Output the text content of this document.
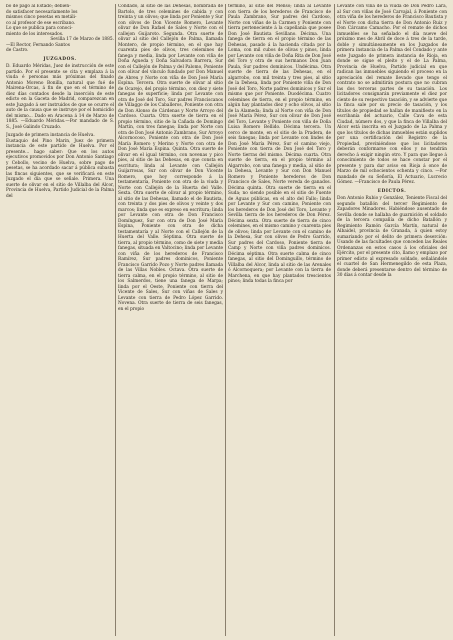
bo de pago al Estado; debien-

do satisfacer necesariamente los

mismos cinco pesetas en metáli-

co al profesor de ese escribano.

Lo que se publica para conoci-

miento de los interesados.

Sevilla 17 de Marzo de 1885.

—El Rector, Fernando Santos

de Castro.

JUZGADOS.

D. Eduardo Méridas, Juez de instrucción de este partido. Por el presente se cita y emplaza á la viuda é personas más próximas del finado Antonio Moreno Bonilla, natural que fué de Mairena-Orcas, á fin de que en el término de diez días contados desde la inserción de este edicto en la Gaceta de Madrid, comparezcan en este Juzgado á ser instruidos de que se ocurre el auto de la causa que se instruye por el homicidio del mismo... Dado en Aracena á 14 de Marzo de 1885. —Eduardo Méridas.—Por mandado de S. S., José Galindo Cruzado.

Juzgado de primera instancia de Huelva.

Eustaquio del Pino Marin, Juez de primera instancia de este partido de Huelva. Por el presente... hago saber: Que en los autos ejecutivos promovidos por Don Antonio Santiago y Cebollo, vecino de Huelva, sobre pago de pesetas, se ha acordado sacar á pública subasta las fincas siguientes, que se verificará en este Juzgado el día que se señale. Primera. Una suerte de olivar en el sitio de Villalba del Alcor, Provincia de Huelva, Partido Judicial de la Palma del

Condado, al sitio de las Dehesas, nombrada de Bartolo, de tres celemines de cabida y con treinta y un olivos; que linda por Poniente y Sur con olivos de Don Vicente Romero, Levante olivar de Don Rafael de Sales y Norte con el callejon Guijaroto. Segunda. Otra suerte de olivar al sitio del Callejón de Palma, llamada Montero, de propio término, en el que hay cuarenta pies de olivos, tres celemines de fanega y media, linda por Levante con viña de Doña Agueda y Doña Salvadora Barrera, Sur con el Callejón de Palma y del Palomo, Poniente con olivar del vínculo fundado por Don Manuel de Abreu y Norte con viña de Don José María Espina. Tercera. Otra suerte de olivar al sitio de Ocarejo, del propio término, con diez y siete fanegas de superficie; linda por Levante con otra de José del Toro, Sur padres Franciscanos de Villaggo de los Caballeros, Poniente con otra de Don Alonso de Cárdenas y Norte Arroyo del Cardoso. Cuarta. Otra suerte de tierra en el propio término, sitio de la Cañada de Domingo Martín, con tres fanegas; linda por Norte con otra de Don José Antonio Zambrano, Sur Arroyo Alcornocoso, Poniente con otra de Don José María Romero y Merino y Norte con otra de Don José María Espina. Quinta. Otra suerte de olivar en el igual término, con novenas y pico pies, al sitio de las Dehesas, en que consta en escritura; linda al Levante con Callejón Guijarrosas, Sur con olivar de Don Vicente Romero, que hoy corresponde á la testamentaría, Poniente con otra de la viuda y Norte con Callejón de la Huerta del Valle. Sexta. Otra suerte de olivar al propio término, al sitio de las Dehesas, llamado el de Bautista, con treinta y dos pies de olivos y veinte y dos marcos; linda que es expreso en escritura; linda por Levante con otra de Don Francisco Domínguez, Sur con otra de Don José María Espina, Poniente con otra de dicha testamentaría y al Norte con el Callejón de la Huerta del Valle. Séptima. Otra suerte de tierra, al propio término, como de siete y media fanegas, situada en Valtocino; linda por Levante con viña de los herederos de Francisco Ramírez, Sur padres dominicos, Poniente Francisco Garrido Pozo y Norte padres llamada de las Villas Nobles. Octava. Otra suerte de tierra calma, en el propio término, al sitio de los Salmerdos, tiene una fanega de Marpa; linda por el Oeste, Poniente con tierra del Vicente de Sales, Sur con viñas de Sales y Levante con tierra de Pedro López Garrido. Novena. Otra suerte de tierra de seis fanegas, en el propio

término, al sitio del Menso; linda al Levante con tierra de los herederos de Francisco de Paula Zambrano, Sur padres del Cardoso, Norte con viñas de la Carmen y Poniente con tierra perteneciente á la capellanía que posee Don José Bautista Sevillano. Décima. Una fanega de tierra en el propio término de las Dehesas, pasado á la hacienda citada por la Loma, con mil cubos de olivas y pinos, linda por Levante con viña de Doña Rita de Don José del Toro y otra de sus hermanos Don Juan Paula, Sur padres dominicos. Undécima. Otra suerte de tierra de las Dehesas, en el algarrobo, con mil treinta y tres pies, al sitio de la Dehesa, linda por Poniente viña de Don José del Toro, Norte padres dominicos y Sur el mismo que por Poniente. Duodécima. Cuatro celemines de tierra, en el propio término, en algún hay plantados diez y ocho olivos, al sitio de la Alameda; linda al Norte con viña de Don José María Pérez, Sur con olivar de Don José del Toro, Levante y Poniente con viña de Doña Luisa Romero Bellido. Décima tercera. Un cerco de monte, en el sitio de la Pradera, de seis fanegas; linda por Levante con lindes de Don José María Pérez, Sur el camino viejo, Poniente con tierra de Don José del Toro y Norte tierras del mismo. Décima cuarta. Otra suerte de tierra, en el propio término al Algarrobo, con una fanega y media, al sitio de la Dehesa, Levante y Sur con Don Manuel Romero y Poniente herederos de Don Francisco de Sales, Norte vereda de ganados. Décima quinta. Otra suerte de tierra en el Suda; no siendo posible en el sitio de Fuente de Aguas públicas, en el alto del Fallo; linda por Levante y Sur con camino, Poniente con los herederos de Don José del Toro, Levante y Sevilla tierra de los herederos de Don Pérez. Décima sexta. Otra suerte de tierra de cinco celemines, en el mismo camino y cuarenta pies de olivos; linda por Levante con el camino de la Dehesa, Sur con olivos de Pedro Garrido, Sur padres del Cardoso, Poniente tierra de Camp y Norte con viña padres dominicos. Décima séptima. Otra suerte calma de cinco fanegas, al sitio del Dominguillo, término de Villalba del Alcor, linda al sitio de las Arenales ó Alcornoquera; por Levante con la tierra de Marchena, en que hay plantados trescientos pinos; linda todas la finca por

Levante con viña de la viuda de Don Pedro Lara, al Sur con viñas de José Carvajal, á Poniente con otra viña de los herederos de Francisco Bautista y el Norte con dicha tierra de Don Antonio Ruiz y Don Cárcamo Camacho. Por el remate de dichos inmuebles se ha señalado el día nueve del próximo mes de Abril de doce á tres de la tarde, doble y simultáneamente en los Juzgados de primera instancia de la Palma del Condado y ante este Juzgado de primera instancia de Rioja, en donde se sigue el pleito y el de La Palma, Provincia de Huelva, Partido judicial en que radican las inmuebles siguiendo el proceso en la apreciación del remate llevado que tengo el contrato no se admitirán postura que no cubran las dos terceras partes de su tasación. Los licitadores consignarán previamente el diez por ciento de su respectivo tasación, y se advierte que la finca sale por su precio de tasación, y los títulos de propiedad se hallan de manifiesto en la escribanía del actuario, Calle Cava de esta Ciudad, número dos, y que la finca de Villalba del Alcor está inscrita en el Juzgado de La Palma y que los títulos de dichas inmuebles están suplidos por una certificación del Registro de la Propiedad, previniéndose que los licitadores deberán conformarse con ellos y no tendrán derecho á exigir ningún otro. Y para que llegue á conocimiento de todos se hace constar por el presente y para dar aviso en Rioja á once de Marzo de mil ochocientos ochenta y cinco. —Por mandado de su Señoría, El Actuario, Lucrecio Gómez. —Francisco de Paula Pérez.

EDICTOS.

Don Antonio Rubio y González, Teniente Fiscal del segundo batallón del tercer Regimiento de Zapadores Minadores. Habiéndose ausentado de Sevilla donde se hallaba de guarnición el soldado de la tercera compañía de dicho Batallón y Regimiento Ramón García Martín, natural de Albaidel, provincia de Granada, á quien estoy sumariando por el delito de primera deserción: Usando de las facultades que conceden las Reales Ordenanzas en estos casos á los oficiales del Ejército, por el presente cito, llamo y emplazo por primer edicto al expresado soldado, señalándole el cuartel de San Hermenegildo de esta Plaza, donde deberá presentarse dentro del término de 30 días á contar desde la
